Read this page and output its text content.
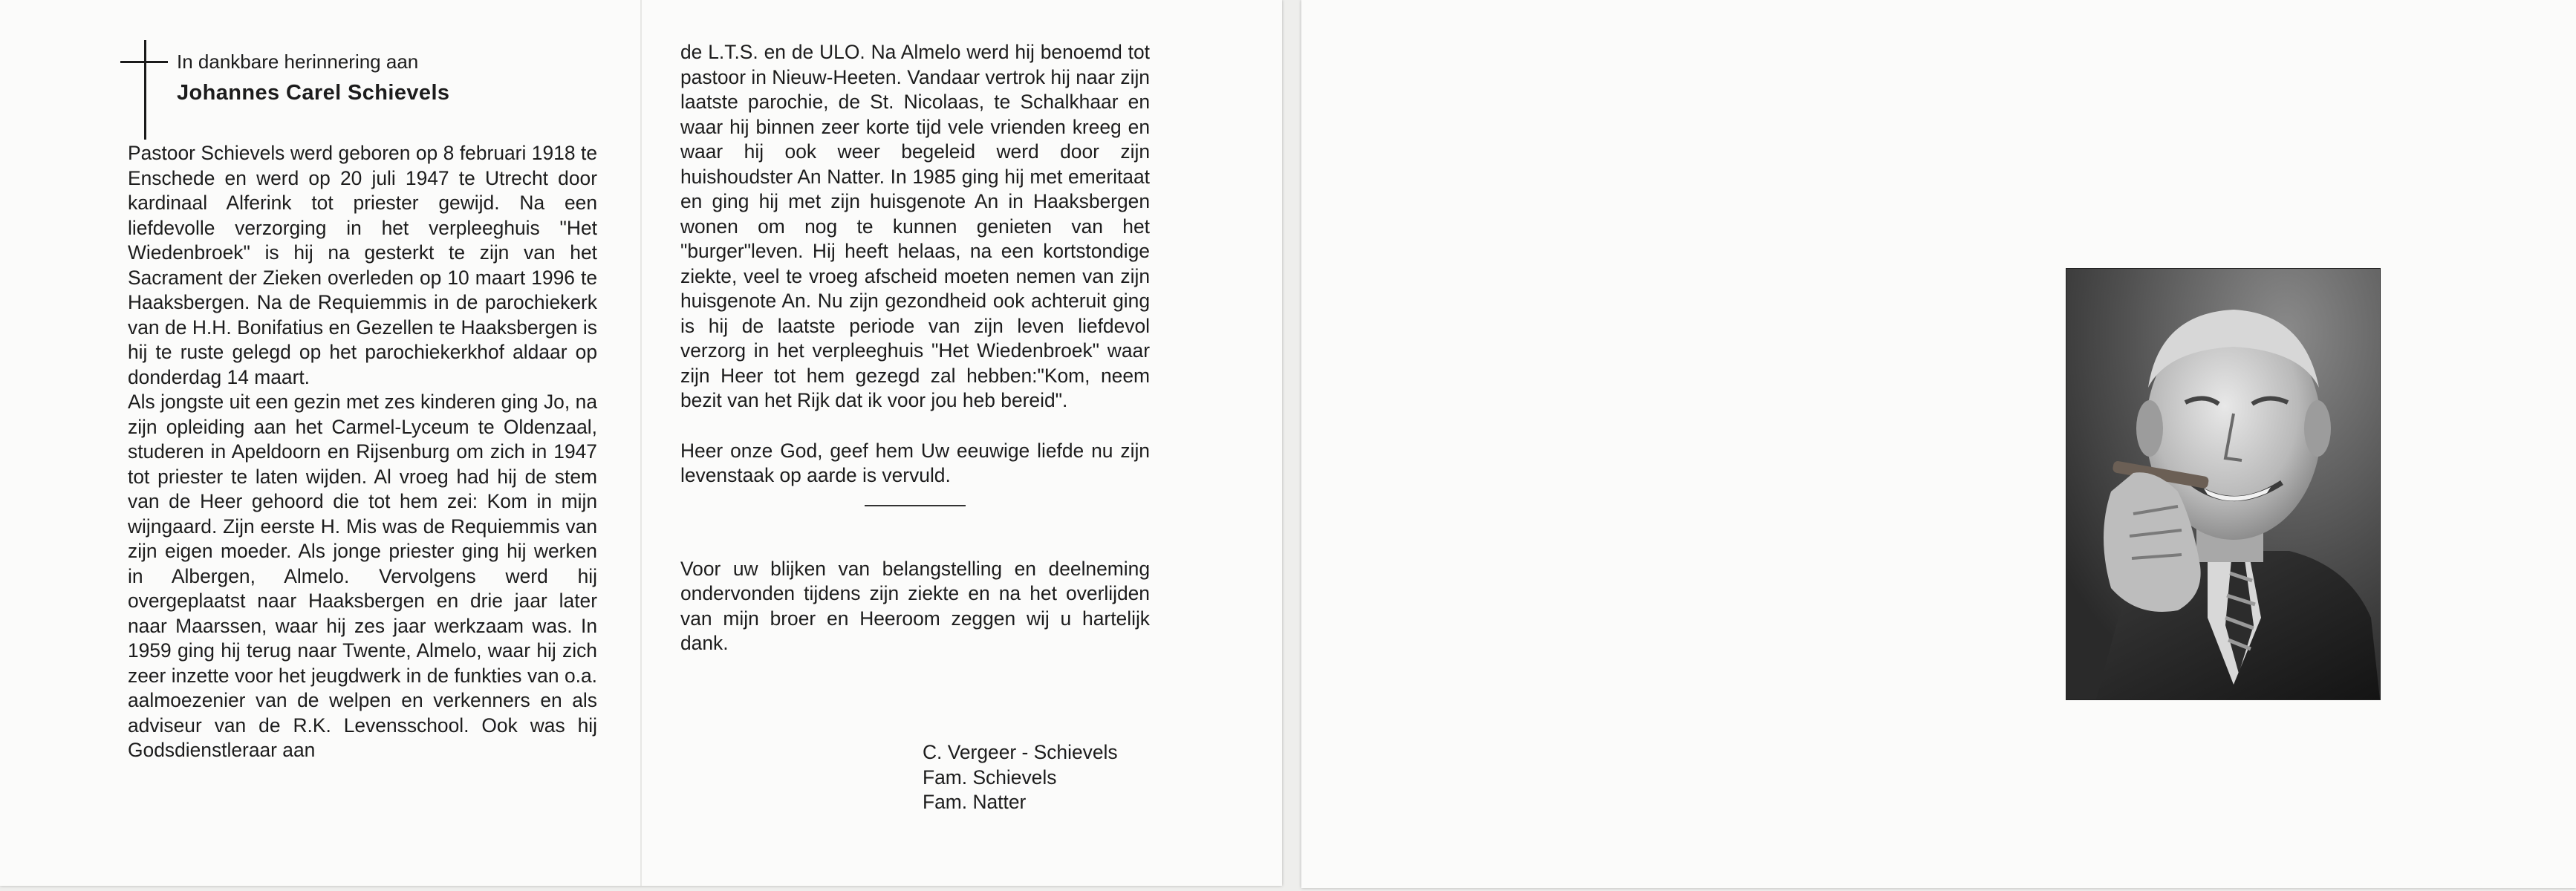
In dankbare herinnering aan
Johannes Carel Schievels

Pastoor Schievels werd geboren op 8 februari 1918 te Enschede en werd op 20 juli 1947 te Utrecht door kardinaal Alferink tot priester gewijd. Na een liefdevolle verzorging in het verpleeghuis "Het Wiedenbroek" is hij na gesterkt te zijn van het Sacrament der Zieken overleden op 10 maart 1996 te Haaksbergen. Na de Requiemmis in de parochiekerk van de H.H. Bonifatius en Gezellen te Haaksbergen is hij te ruste gelegd op het parochiekerkhof aldaar op donderdag 14 maart.

Als jongste uit een gezin met zes kinderen ging Jo, na zijn opleiding aan het Carmel-Lyceum te Oldenzaal, studeren in Apeldoorn en Rijsenburg om zich in 1947 tot priester te laten wijden. Al vroeg had hij de stem van de Heer gehoord die tot hem zei: Kom in mijn wijngaard. Zijn eerste H. Mis was de Requiemmis van zijn eigen moeder. Als jonge priester ging hij werken in Albergen, Almelo. Vervolgens werd hij overgeplaatst naar Haaksbergen en drie jaar later naar Maarssen, waar hij zes jaar werkzaam was. In 1959 ging hij terug naar Twente, Almelo, waar hij zich zeer inzette voor het jeugdwerk in de funkties van o.a. aalmoezenier van de welpen en verkenners en als adviseur van de R.K. Levensschool. Ook was hij Godsdienstleraar aan

de L.T.S. en de ULO. Na Almelo werd hij benoemd tot pastoor in Nieuw-Heeten. Vandaar vertrok hij naar zijn laatste parochie, de St. Nicolaas, te Schalkhaar en waar hij binnen zeer korte tijd vele vrienden kreeg en waar hij ook weer begeleid werd door zijn huishoudster An Natter. In 1985 ging hij met emeritaat en ging hij met zijn huisgenote An in Haaksbergen wonen om nog te kunnen genieten van het "burger"leven. Hij heeft helaas, na een kortstondige ziekte, veel te vroeg afscheid moeten nemen van zijn huisgenote An. Nu zijn gezondheid ook achteruit ging is hij de laatste periode van zijn leven liefdevol verzorg in het verpleeghuis "Het Wiedenbroek" waar zijn Heer tot hem gezegd zal hebben:"Kom, neem bezit van het Rijk dat ik voor jou heb bereid".

Heer onze God, geef hem Uw eeuwige liefde nu zijn levenstaak op aarde is vervuld.

Voor uw blijken van belangstelling en deelneming ondervonden tijdens zijn ziekte en na het overlijden van mijn broer en Heeroom zeggen wij u hartelijk dank.

C. Vergeer - Schievels
Fam. Schievels
Fam. Natter
